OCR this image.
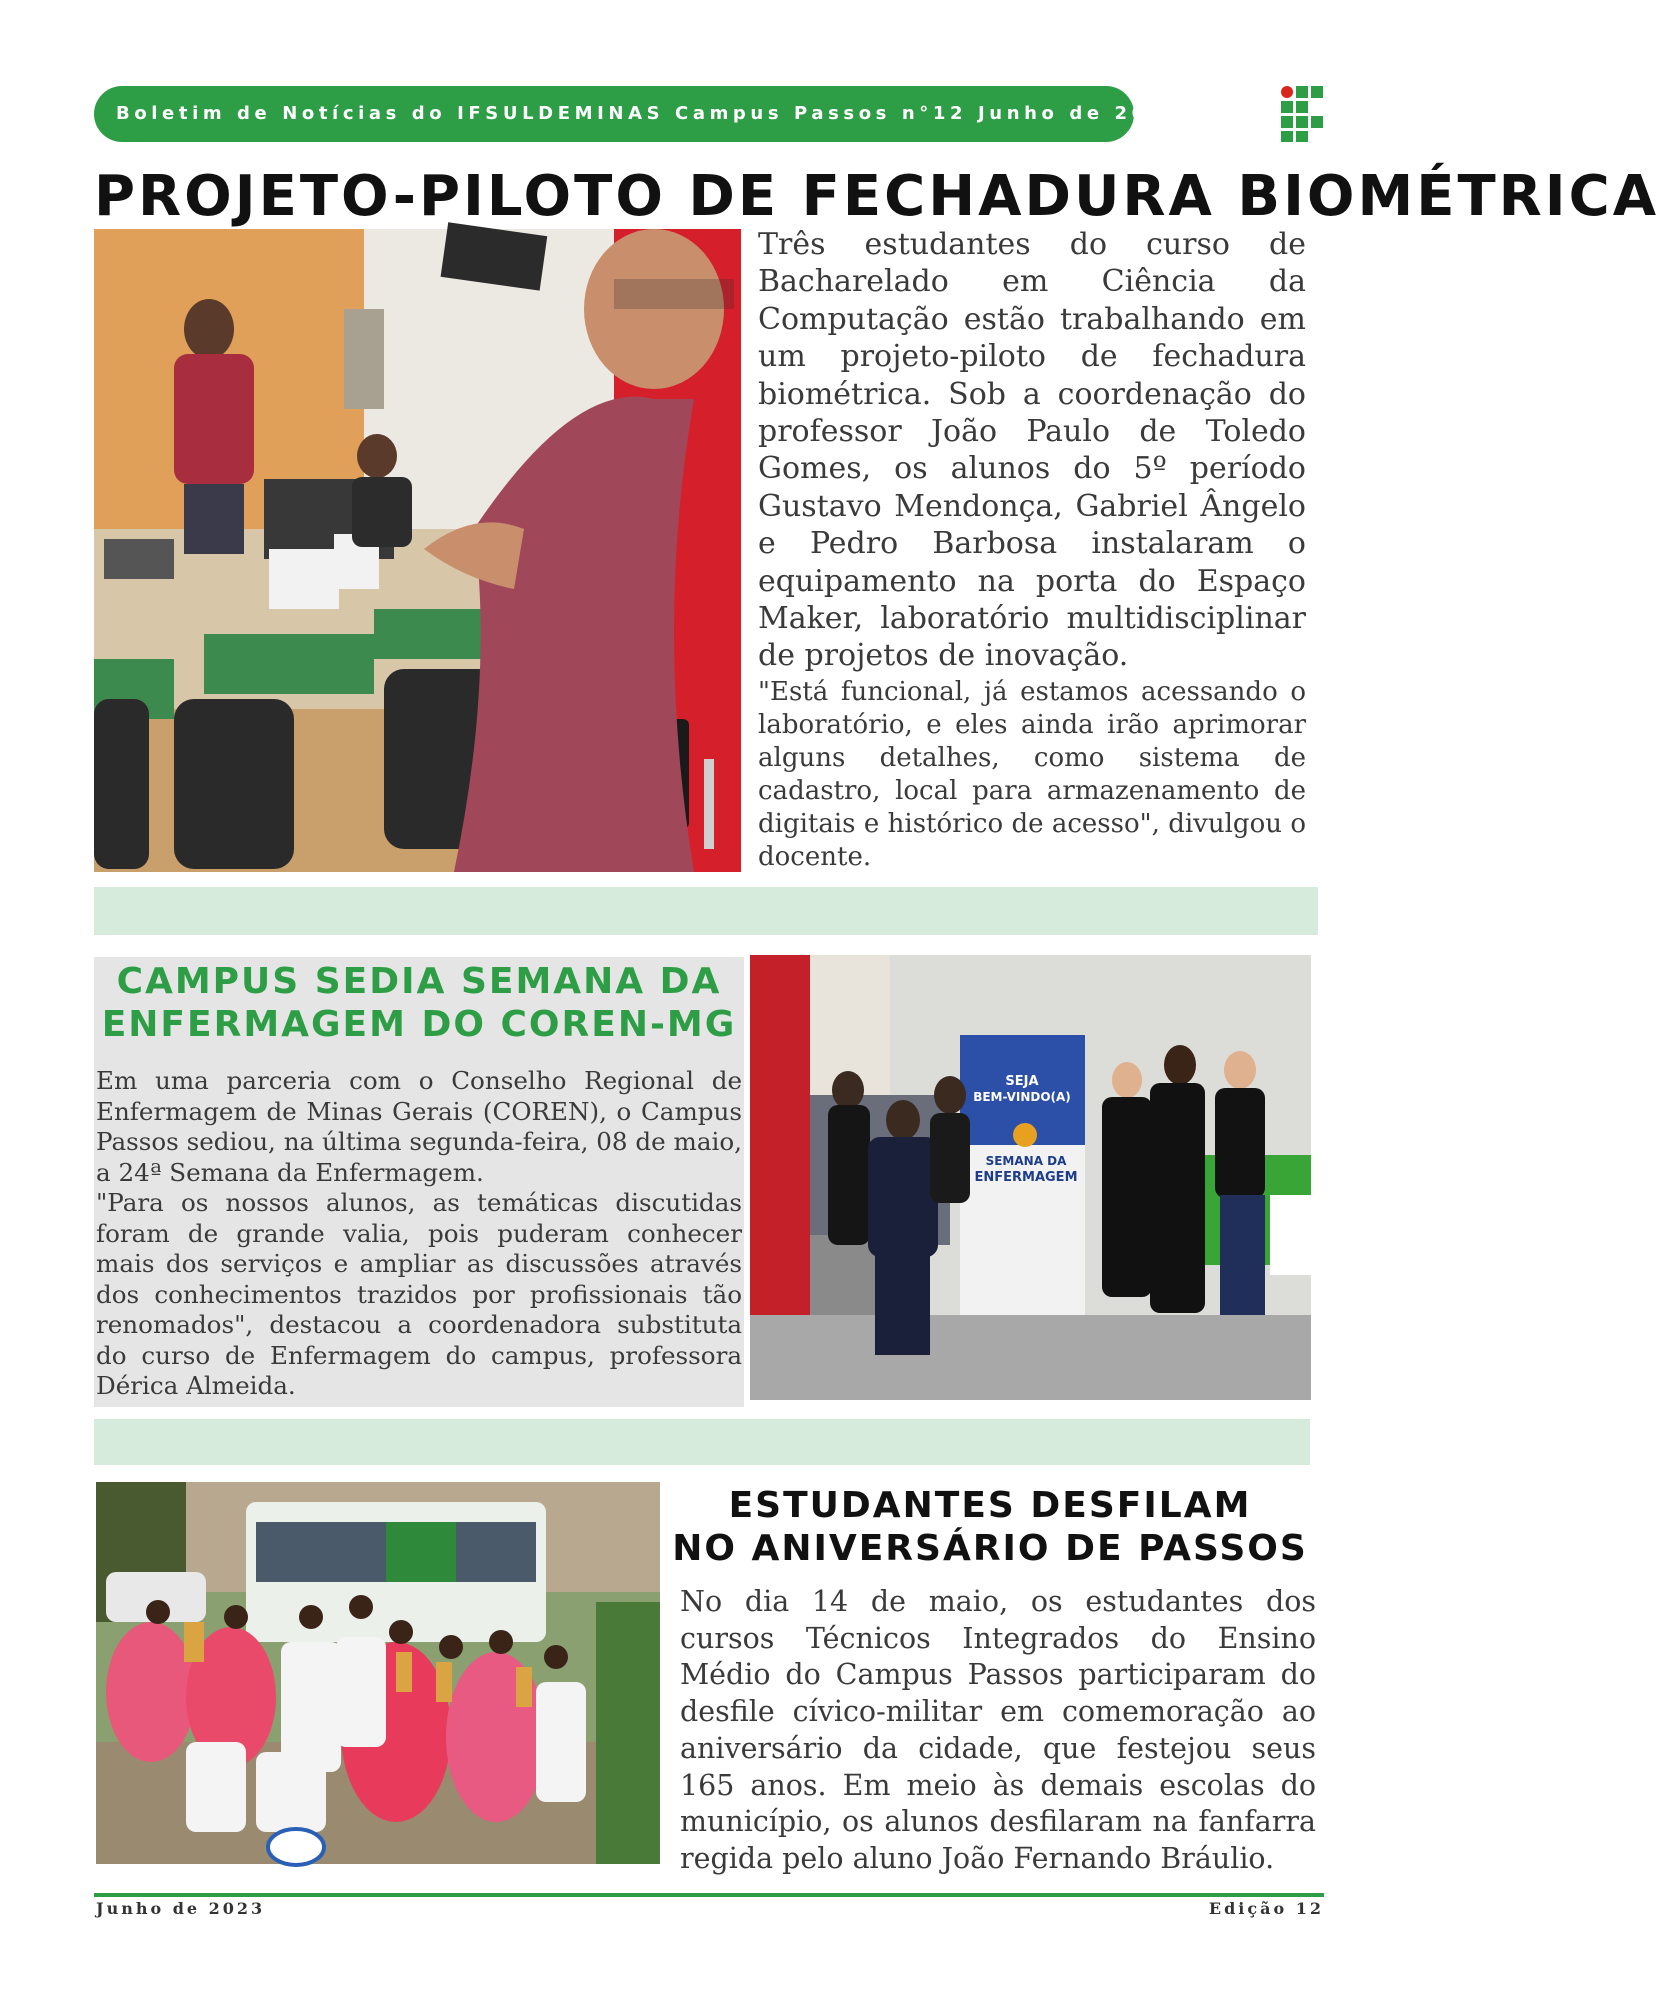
Boletim de Notícias do IFSULDEMINAS Campus Passos n°12 Junho de 2023
PROJETO-PILOTO DE FECHADURA BIOMÉTRICA

Três estudantes do curso de Bacharelado em Ciência da Computação estão trabalhando em um projeto-piloto de fechadura biométrica. Sob a coordenação do professor João Paulo de Toledo Gomes, os alunos do 5º período Gustavo Mendonça, Gabriel Ângelo e Pedro Barbosa instalaram o equipamento na porta do Espaço Maker, laboratório multidisciplinar de projetos de inovação.

"Está funcional, já estamos acessando o laboratório, e eles ainda irão aprimorar alguns detalhes, como sistema de cadastro, local para armazenamento de digitais e histórico de acesso", divulgou o docente.

CAMPUS SEDIA SEMANA DA
ENFERMAGEM DO COREN-MG

Em uma parceria com o Conselho Regional de Enfermagem de Minas Gerais (COREN), o Campus Passos sediou, na última segunda-feira, 08 de maio, a 24ª Semana da Enfermagem.

"Para os nossos alunos, as temáticas discutidas foram de grande valia, pois puderam conhecer mais dos serviços e ampliar as discussões através dos conhecimentos trazidos por profissionais tão renomados", destacou a coordenadora substituta do curso de Enfermagem do campus, professora Dérica Almeida.

SEJA
BEM-VINDO(A)
SEMANA DA
ENFERMAGEM
ESTUDANTES DESFILAM
NO ANIVERSÁRIO DE PASSOS

No dia 14 de maio, os estudantes dos cursos Técnicos Integrados do Ensino Médio do Campus Passos participaram do desfile cívico-militar em comemoração ao aniversário da cidade, que festejou seus 165 anos. Em meio às demais escolas do município, os alunos desfilaram na fanfarra regida pelo aluno João Fernando Bráulio.

Junho de 2023	Edição 12
